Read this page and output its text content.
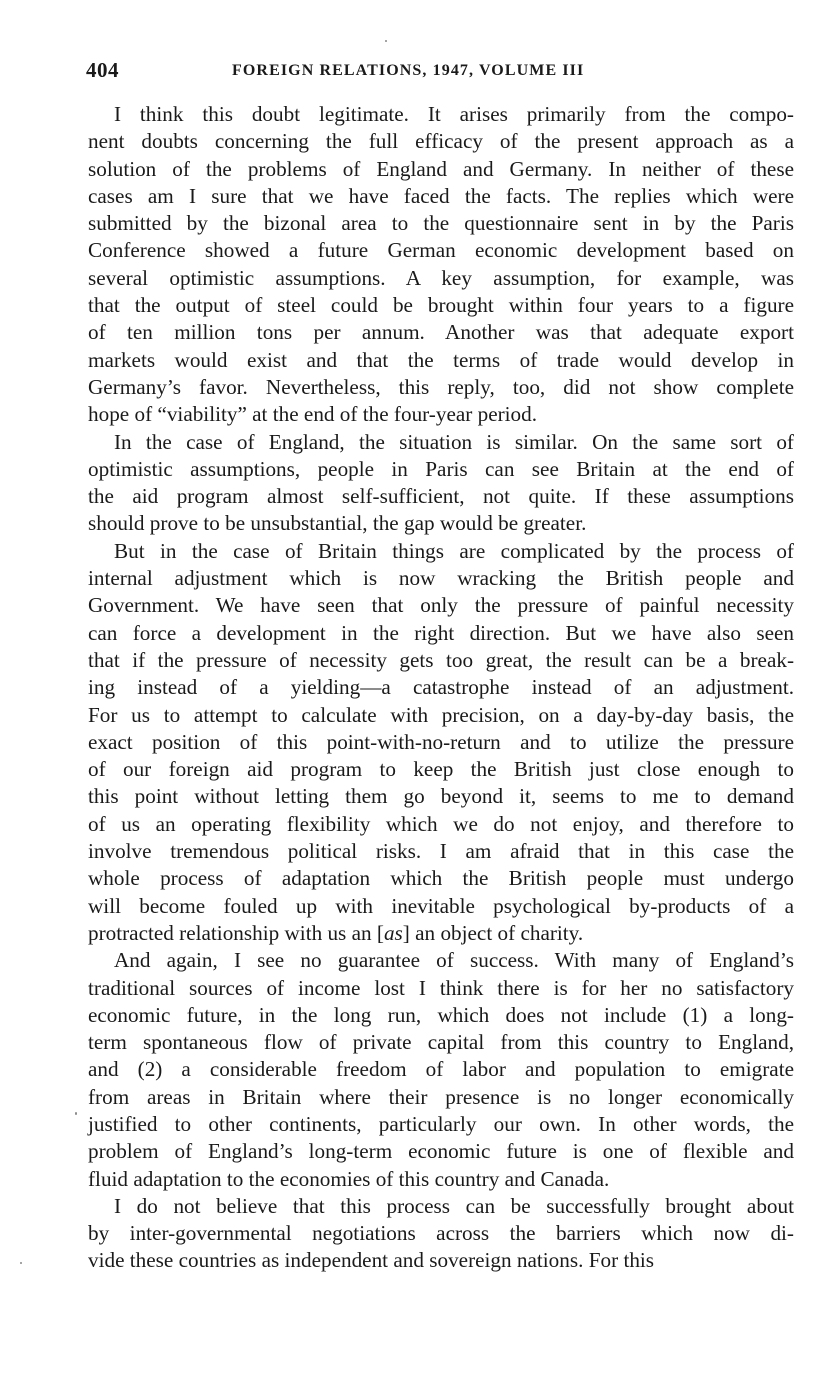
404	FOREIGN RELATIONS, 1947, VOLUME III
I think this doubt legitimate. It arises primarily from the compo-
nent doubts concerning the full efficacy of the present approach as a
solution of the problems of England and Germany. In neither of these
cases am I sure that we have faced the facts. The replies which were
submitted by the bizonal area to the questionnaire sent in by the Paris
Conference showed a future German economic development based on
several optimistic assumptions. A key assumption, for example, was
that the output of steel could be brought within four years to a figure
of ten million tons per annum. Another was that adequate export
markets would exist and that the terms of trade would develop in
Germany’s favor. Nevertheless, this reply, too, did not show complete
hope of “viability” at the end of the four-year period.
In the case of England, the situation is similar. On the same sort of
optimistic assumptions, people in Paris can see Britain at the end of
the aid program almost self-sufficient, not quite. If these assumptions
should prove to be unsubstantial, the gap would be greater.
But in the case of Britain things are complicated by the process of
internal adjustment which is now wracking the British people and
Government. We have seen that only the pressure of painful necessity
can force a development in the right direction. But we have also seen
that if the pressure of necessity gets too great, the result can be a break-
ing instead of a yielding—a catastrophe instead of an adjustment.
For us to attempt to calculate with precision, on a day-by-day basis, the
exact position of this point-with-no-return and to utilize the pressure
of our foreign aid program to keep the British just close enough to
this point without letting them go beyond it, seems to me to demand
of us an operating flexibility which we do not enjoy, and therefore to
involve tremendous political risks. I am afraid that in this case the
whole process of adaptation which the British people must undergo
will become fouled up with inevitable psychological by-products of a
protracted relationship with us an [as] an object of charity.
And again, I see no guarantee of success. With many of England’s
traditional sources of income lost I think there is for her no satisfactory
economic future, in the long run, which does not include (1) a long-
term spontaneous flow of private capital from this country to England,
and (2) a considerable freedom of labor and population to emigrate
from areas in Britain where their presence is no longer economically
justified to other continents, particularly our own. In other words, the
problem of England’s long-term economic future is one of flexible and
fluid adaptation to the economies of this country and Canada.
I do not believe that this process can be successfully brought about
by inter-governmental negotiations across the barriers which now di-
vide these countries as independent and sovereign nations. For this
